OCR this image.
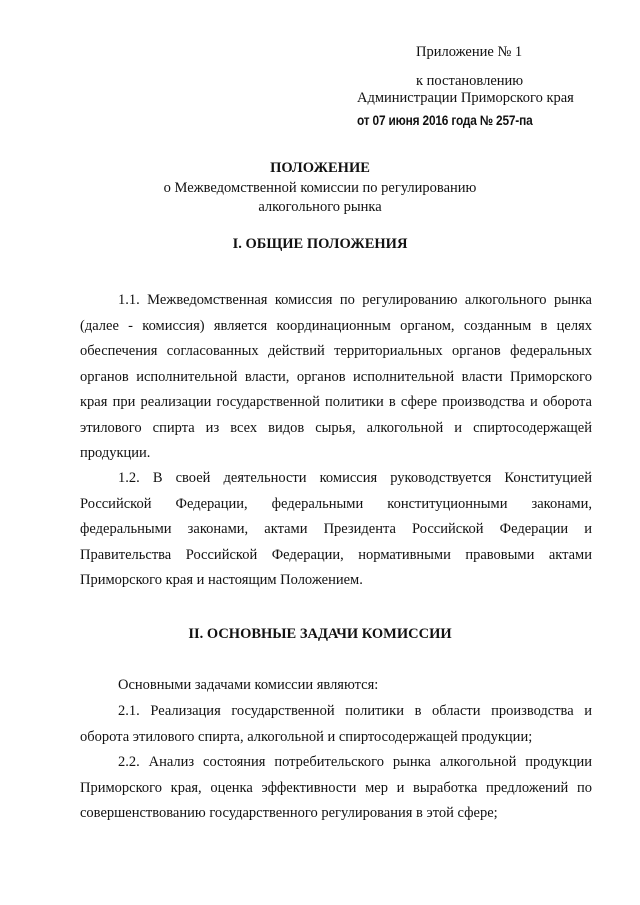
Приложение № 1
к постановлению
Администрации Приморского края
от 07 июня 2016 года № 257-па
ПОЛОЖЕНИЕ
о Межведомственной комиссии по регулированию
алкогольного рынка
I. ОБЩИЕ ПОЛОЖЕНИЯ
1.1. Межведомственная комиссия по регулированию алкогольного рынка (далее - комиссия) является координационным органом, созданным в целях обеспечения согласованных действий территориальных органов федеральных органов исполнительной власти, органов исполнительной власти Приморского края при реализации государственной политики в сфере производства и оборота этилового спирта из всех видов сырья, алкогольной и спиртосодержащей продукции.
1.2. В своей деятельности комиссия руководствуется Конституцией Российской Федерации, федеральными конституционными законами, федеральными законами, актами Президента Российской Федерации и Правительства Российской Федерации, нормативными правовыми актами Приморского края и настоящим Положением.
II. ОСНОВНЫЕ ЗАДАЧИ КОМИССИИ
Основными задачами комиссии являются:
2.1. Реализация государственной политики в области производства и оборота этилового спирта, алкогольной и спиртосодержащей продукции;
2.2. Анализ состояния потребительского рынка алкогольной продукции Приморского края, оценка эффективности мер и выработка предложений по совершенствованию государственного регулирования в этой сфере;
